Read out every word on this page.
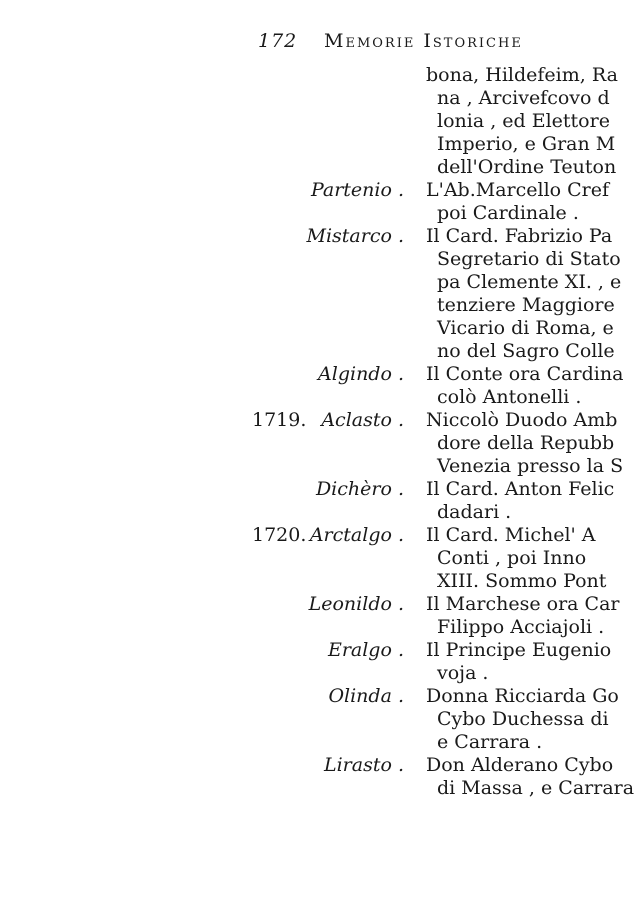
172 Memorie Istoriche
bona, Hildefeim, Ra
na , Arcivefcovo d
lonia , ed Elettore
Imperio, e Gran M
dell'Ordine Teuton
Partenio . L'Ab.Marcello Cref
poi Cardinale .
Mistarco . Il Card. Fabrizio Pa
Segretario di Stato
pa Clemente XI. , e
tenziere Maggiore
Vicario di Roma, e
no del Sagro Colle
Algindo . Il Conte ora Cardina
colò Antonelli .
1719. Aclasto . Niccolò Duodo Amb
dore della Repubb
Venezia presso la S
Dichèro . Il Card. Anton Felic
dadari .
1720. Arctalgo . Il Card. Michel' A
Conti , poi Inno
XIII. Sommo Pont
Leonildo . Il Marchese ora Car
Filippo Acciajoli .
Eralgo . Il Principe Eugenio
voja .
Olinda . Donna Ricciarda Go
Cybo Duchessa di
e Carrara .
Lirasto . Don Alderano Cybo
di Massa , e Carrara
